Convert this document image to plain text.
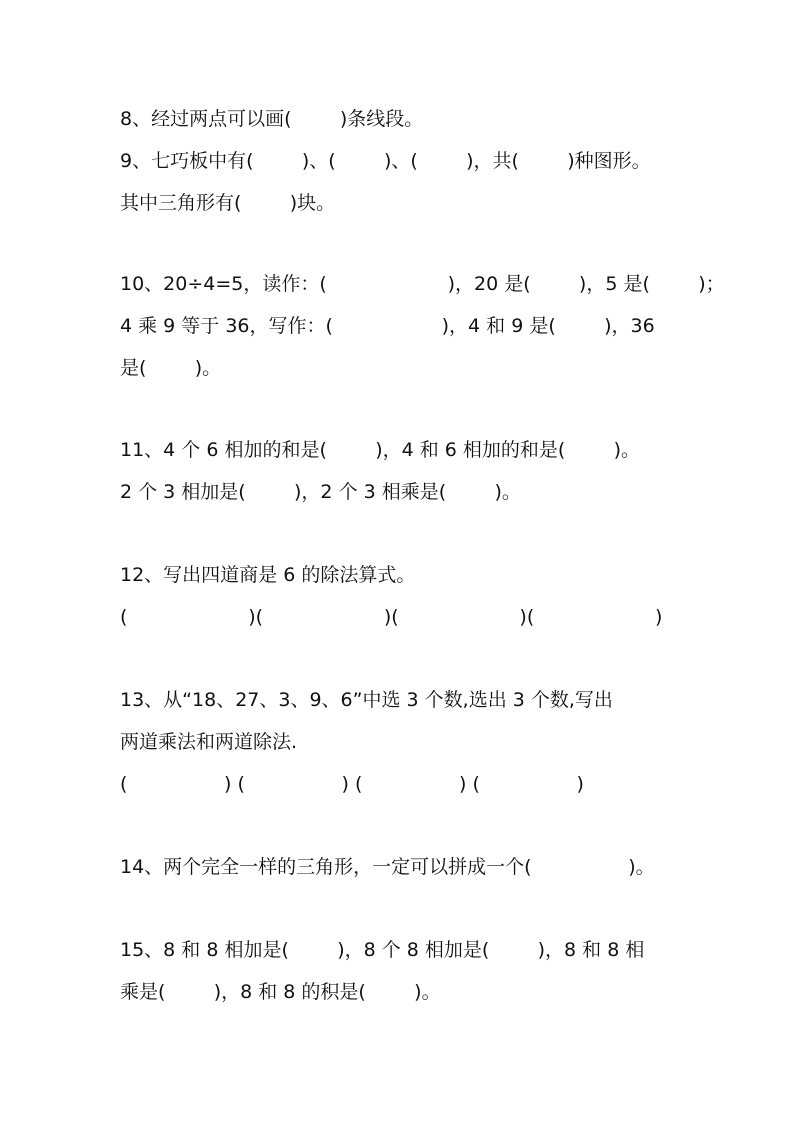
8、经过两点可以画(        )条线段。
9、七巧板中有(        )、(        )、(        )，共(        )种图形。
其中三角形有(        )块。
10、20÷4=5，读作：(                    )，20 是(        )，5 是(        )；
4 乘 9 等于 36，写作：(                  )，4 和 9 是(        )，36
是(        )。
11、4 个 6 相加的和是(        )，4 和 6 相加的和是(        )。
2 个 3 相加是(        )，2 个 3 相乘是(        )。
12、写出四道商是 6 的除法算式。
(                    )(                    )(                    )(                    )
13、从“18、27、3、9、6”中选 3 个数,选出 3 个数,写出
两道乘法和两道除法.
(                ) (                ) (                ) (                )
14、两个完全一样的三角形，一定可以拼成一个(                )。
15、8 和 8 相加是(        )，8 个 8 相加是(        )，8 和 8 相
乘是(        )，8 和 8 的积是(        )。
